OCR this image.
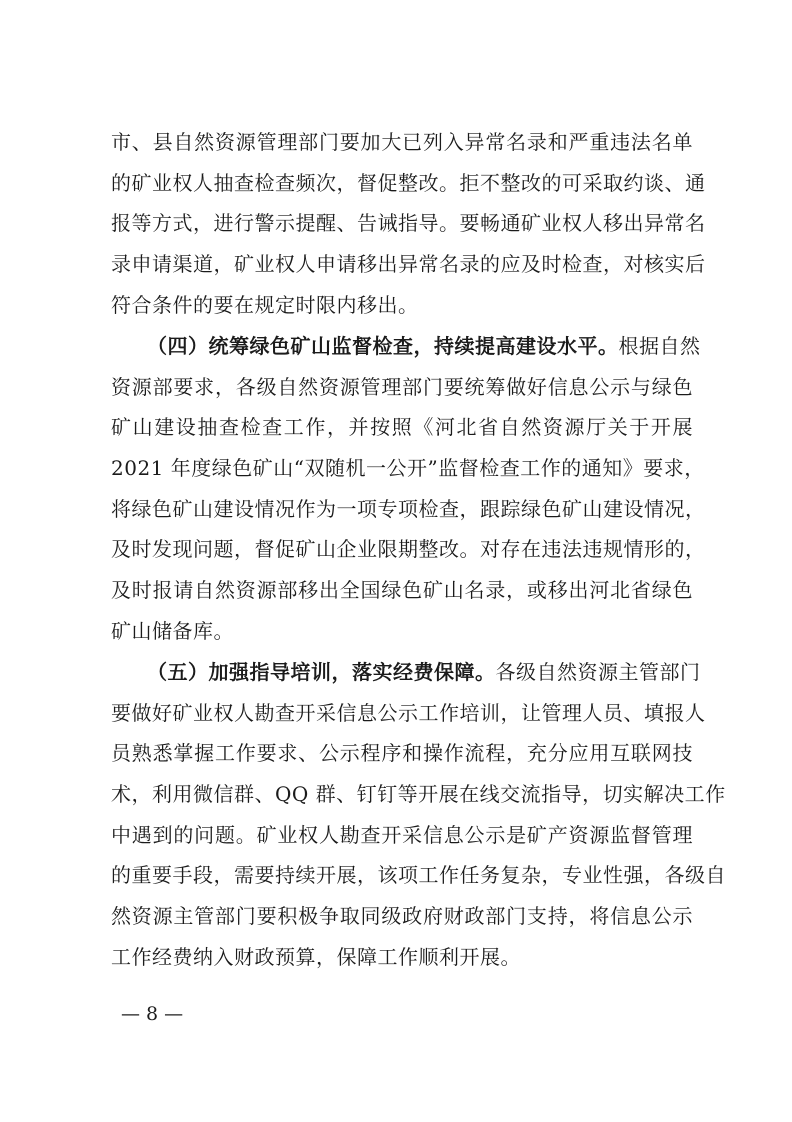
市、县自然资源管理部门要加大已列入异常名录和严重违法名单
的矿业权人抽查检查频次，督促整改。拒不整改的可采取约谈、通
报等方式，进行警示提醒、告诫指导。要畅通矿业权人移出异常名
录申请渠道，矿业权人申请移出异常名录的应及时检查，对核实后
符合条件的要在规定时限内移出。
（四）统筹绿色矿山监督检查，持续提高建设水平。根据自然
资源部要求，各级自然资源管理部门要统筹做好信息公示与绿色
矿山建设抽查检查工作，并按照《河北省自然资源厅关于开展
2021 年度绿色矿山“双随机一公开”监督检查工作的通知》要求，
将绿色矿山建设情况作为一项专项检查，跟踪绿色矿山建设情况，
及时发现问题，督促矿山企业限期整改。对存在违法违规情形的，
及时报请自然资源部移出全国绿色矿山名录，或移出河北省绿色
矿山储备库。
（五）加强指导培训，落实经费保障。各级自然资源主管部门
要做好矿业权人勘查开采信息公示工作培训，让管理人员、填报人
员熟悉掌握工作要求、公示程序和操作流程，充分应用互联网技
术，利用微信群、QQ 群、钉钉等开展在线交流指导，切实解决工作
中遇到的问题。矿业权人勘查开采信息公示是矿产资源监督管理
的重要手段，需要持续开展，该项工作任务复杂，专业性强，各级自
然资源主管部门要积极争取同级政府财政部门支持，将信息公示
工作经费纳入财政预算，保障工作顺利开展。
— 8 —
